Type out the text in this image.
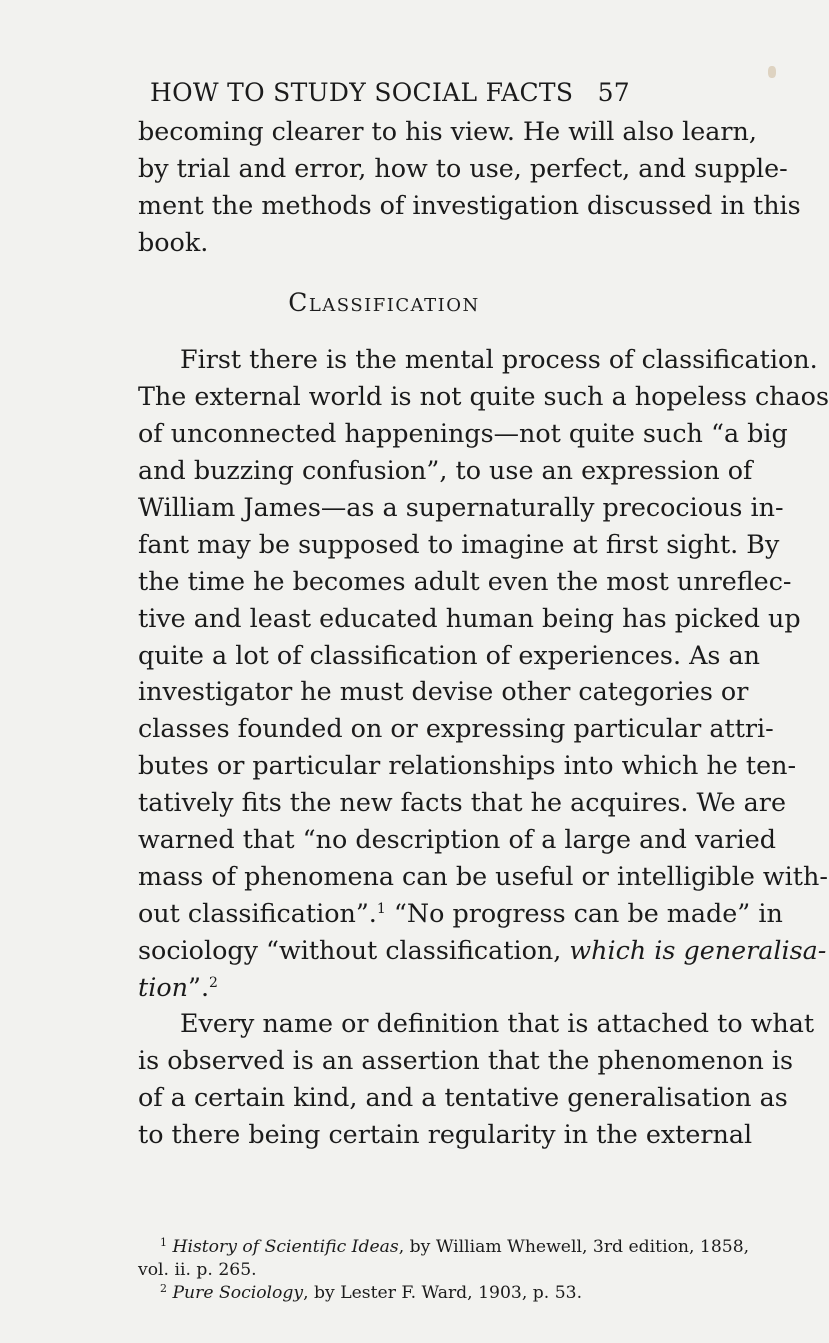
HOW TO STUDY SOCIAL FACTS 57
becoming clearer to his view. He will also learn,
by trial and error, how to use, perfect, and supple-
ment the methods of investigation discussed in this
book.
Classification
First there is the mental process of classification.
The external world is not quite such a hopeless chaos
of unconnected happenings—not quite such “a big
and buzzing confusion”, to use an expression of
William James—as a supernaturally precocious in-
fant may be supposed to imagine at first sight. By
the time he becomes adult even the most unreflec-
tive and least educated human being has picked up
quite a lot of classification of experiences. As an
investigator he must devise other categories or
classes founded on or expressing particular attri-
butes or particular relationships into which he ten-
tatively fits the new facts that he acquires. We are
warned that “no description of a large and varied
mass of phenomena can be useful or intelligible with-
out classification”.$^1$ “No progress can be made” in
sociology “without classification, which is generalisa-
tion”.$^2$
Every name or definition that is attached to what
is observed is an assertion that the phenomenon is
of a certain kind, and a tentative generalisation as
to there being certain regularity in the external
$^1$ History of Scientific Ideas, by William Whewell, 3rd edition, 1858,
vol. ii. p. 265.
$^2$ Pure Sociology, by Lester F. Ward, 1903, p. 53.
